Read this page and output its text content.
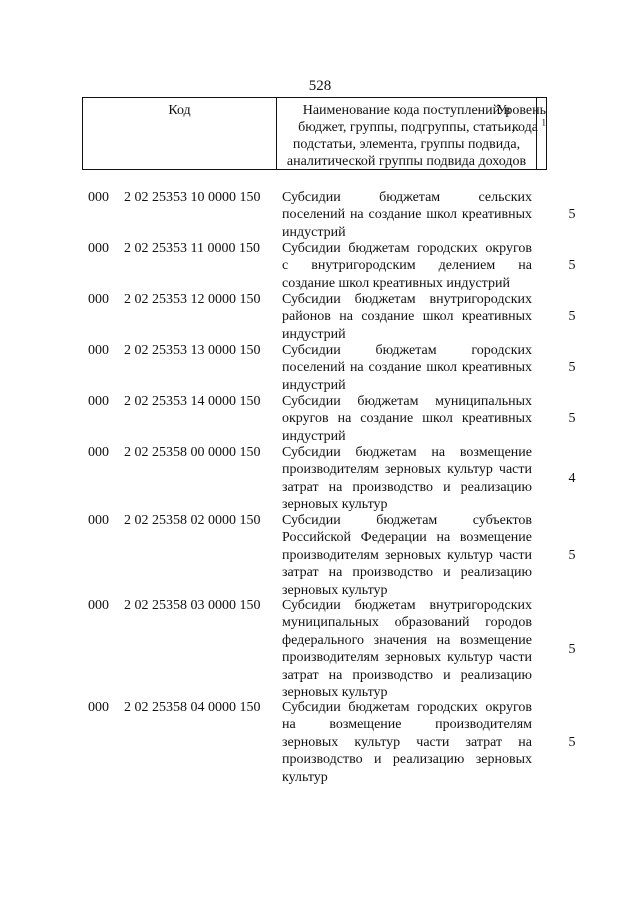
528
Код	Наименование кода поступлений в
бюджет, группы, подгруппы, статьи,
подстатьи, элемента, группы подвида,
аналитической группы подвида доходов
Уровень
кода $^1$
000 2 02 25353 10 0000 150 Субсидии бюджетам сельских
поселений на создание школ креативных
индустрий
5
000 2 02 25353 11 0000 150 Субсидии бюджетам городских округов
с внутригородским делением на
создание школ креативных индустрий
5
000 2 02 25353 12 0000 150 Субсидии бюджетам внутригородских
районов на создание школ креативных
индустрий
5
000 2 02 25353 13 0000 150 Субсидии бюджетам городских
поселений на создание школ креативных
индустрий
5
000 2 02 25353 14 0000 150 Субсидии бюджетам муниципальных
округов на создание школ креативных
индустрий
5
000 2 02 25358 00 0000 150 Субсидии бюджетам на возмещение
производителям зерновых культур части
затрат на производство и реализацию
зерновых культур
4
000 2 02 25358 02 0000 150 Субсидии бюджетам субъектов
Российской Федерации на возмещение
производителям зерновых культур части
затрат на производство и реализацию
зерновых культур
5
000 2 02 25358 03 0000 150 Субсидии бюджетам внутригородских
муниципальных образований городов
федерального значения на возмещение
производителям зерновых культур части
затрат на производство и реализацию
зерновых культур
5
000 2 02 25358 04 0000 150 Субсидии бюджетам городских округов
на возмещение производителям
зерновых культур части затрат на
производство и реализацию зерновых
культур
5
